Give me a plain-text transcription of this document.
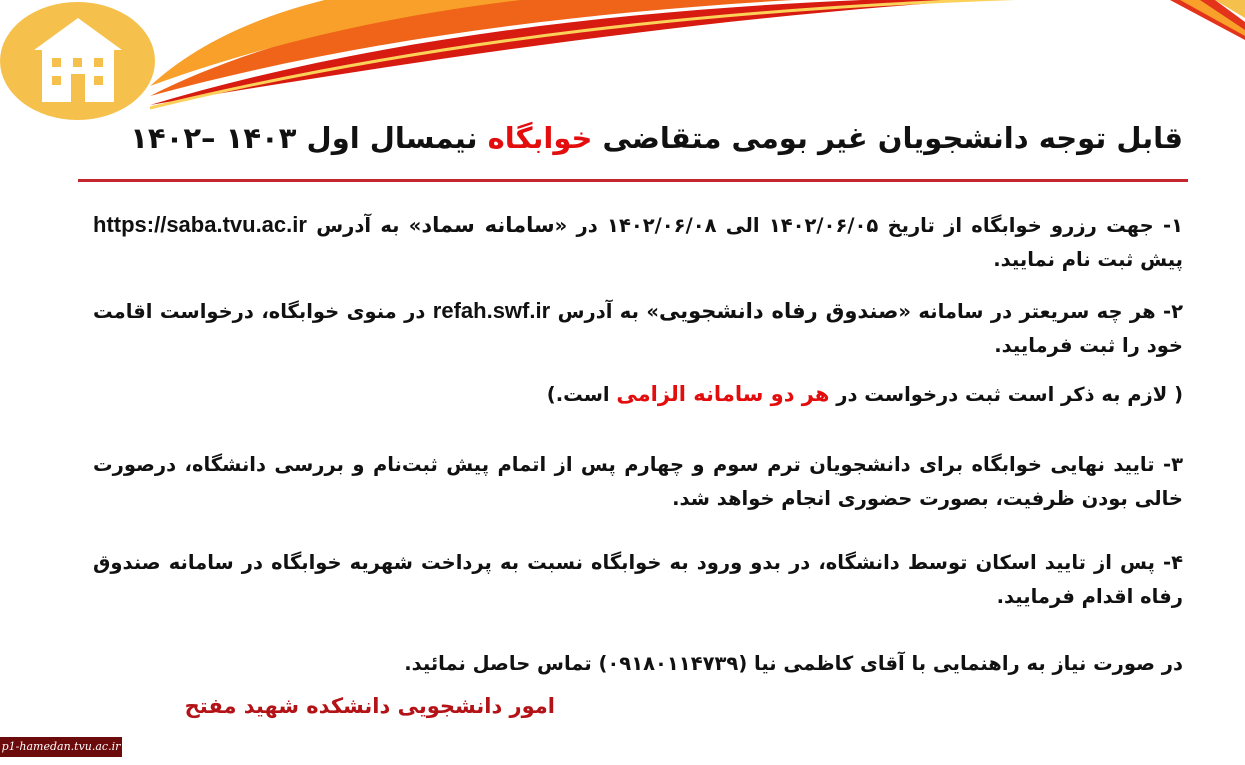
قابل توجه دانشجویان غیر بومی متقاضی خوابگاه نیمسال اول ۱۴۰۳ –۱۴۰۲
۱- جهت رزرو خوابگاه از تاریخ ۱۴۰۲/۰۶/۰۵ الی ۱۴۰۲/۰۶/۰۸ در «سامانه سماد» به آدرس https://saba.tvu.ac.ir پیش ثبت نام نمایید.
۲- هر چه سریعتر در سامانه «صندوق رفاه دانشجویی» به آدرس refah.swf.ir در منوی خوابگاه، درخواست اقامت خود را ثبت فرمایید.
( لازم به ذکر است ثبت درخواست در هر دو سامانه الزامی است.)
۳- تایید نهایی خوابگاه برای دانشجویان ترم سوم و چهارم پس از اتمام پیش ثبت‌نام و بررسی دانشگاه، درصورت خالی بودن ظرفیت، بصورت حضوری انجام خواهد شد.
۴- پس از تایید اسکان توسط دانشگاه، در بدو ورود به خوابگاه نسبت به پرداخت شهریه خوابگاه در سامانه صندوق رفاه اقدام فرمایید.
در صورت نیاز به راهنمایی با آقای کاظمی نیا (۰۹۱۸۰۱۱۴۷۳۹) تماس حاصل نمائید.
امور دانشجویی دانشکده شهید مفتح
p1-hamedan.tvu.ac.ir
